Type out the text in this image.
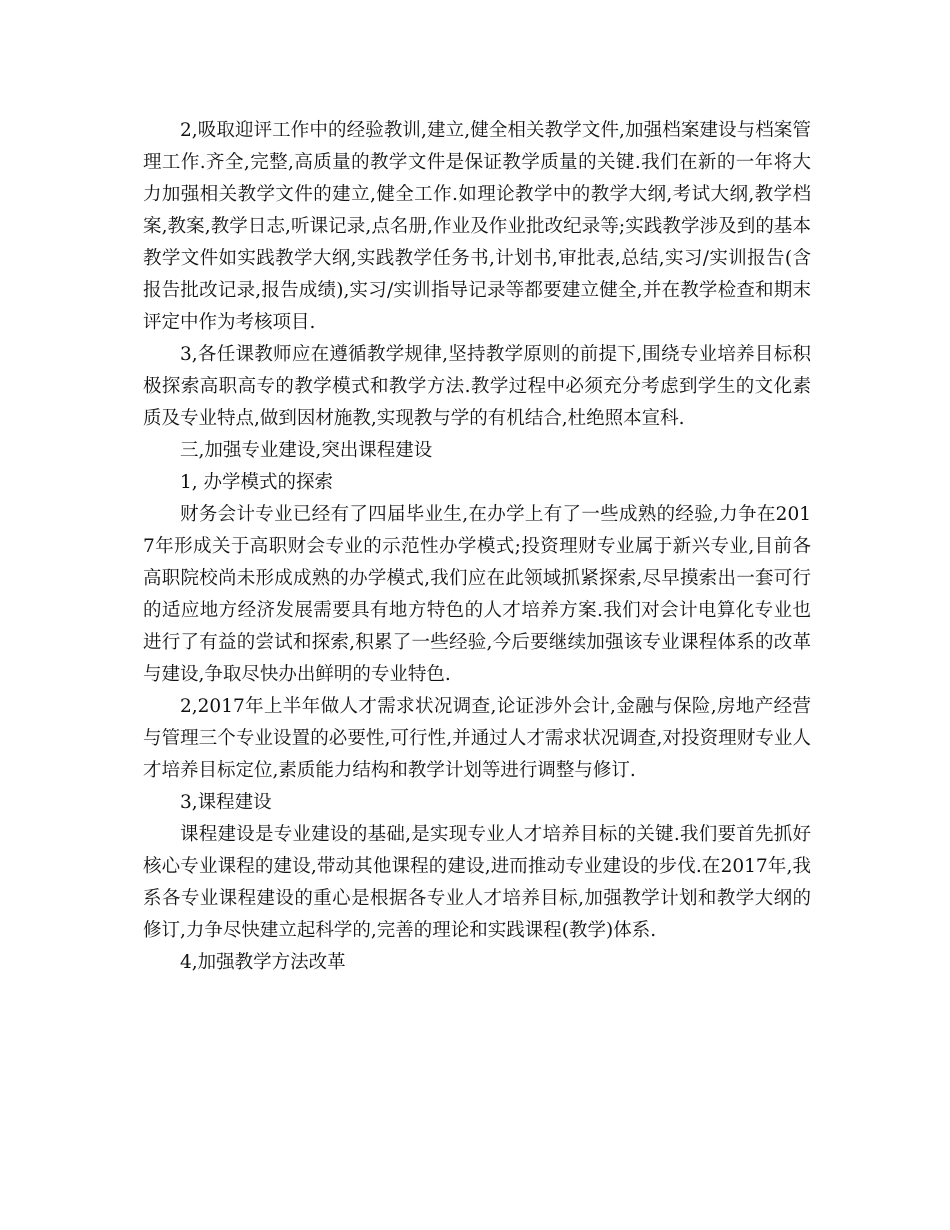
2,吸取迎评工作中的经验教训,建立,健全相关教学文件,加强档案建设与档案管理工作.齐全,完整,高质量的教学文件是保证教学质量的关键.我们在新的一年将大力加强相关教学文件的建立,健全工作.如理论教学中的教学大纲,考试大纲,教学档案,教案,教学日志,听课记录,点名册,作业及作业批改纪录等;实践教学涉及到的基本教学文件如实践教学大纲,实践教学任务书,计划书,审批表,总结,实习/实训报告(含报告批改记录,报告成绩),实习/实训指导记录等都要建立健全,并在教学检查和期末评定中作为考核项目.

3,各任课教师应在遵循教学规律,坚持教学原则的前提下,围绕专业培养目标积极探索高职高专的教学模式和教学方法.教学过程中必须充分考虑到学生的文化素质及专业特点,做到因材施教,实现教与学的有机结合,杜绝照本宣科.

三,加强专业建设,突出课程建设

1, 办学模式的探索

财务会计专业已经有了四届毕业生,在办学上有了一些成熟的经验,力争在2017年形成关于高职财会专业的示范性办学模式;投资理财专业属于新兴专业,目前各高职院校尚未形成成熟的办学模式,我们应在此领域抓紧探索,尽早摸索出一套可行的适应地方经济发展需要具有地方特色的人才培养方案.我们对会计电算化专业也进行了有益的尝试和探索,积累了一些经验,今后要继续加强该专业课程体系的改革与建设,争取尽快办出鲜明的专业特色.

2,2017年上半年做人才需求状况调查,论证涉外会计,金融与保险,房地产经营与管理三个专业设置的必要性,可行性,并通过人才需求状况调查,对投资理财专业人才培养目标定位,素质能力结构和教学计划等进行调整与修订.

3,课程建设

课程建设是专业建设的基础,是实现专业人才培养目标的关键.我们要首先抓好核心专业课程的建设,带动其他课程的建设,进而推动专业建设的步伐.在2017年,我系各专业课程建设的重心是根据各专业人才培养目标,加强教学计划和教学大纲的修订,力争尽快建立起科学的,完善的理论和实践课程(教学)体系.

4,加强教学方法改革
